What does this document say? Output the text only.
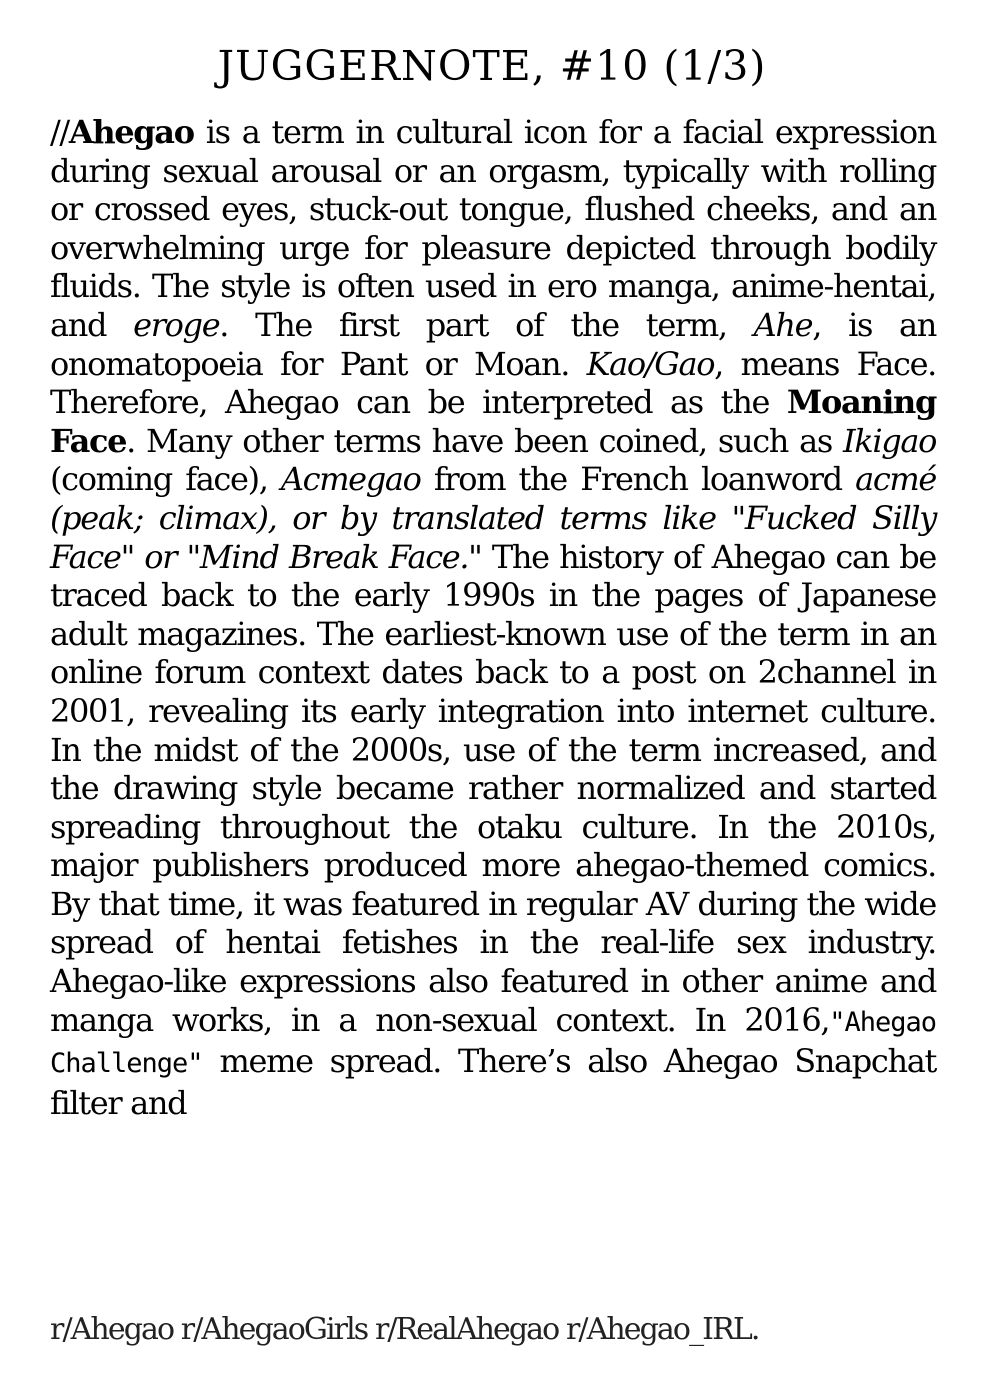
JUGGERNOTE, #10 (1/3)

//Ahegao is a term in cultural icon for a facial expression during sexual arousal or an orgasm, typically with rolling or crossed eyes, stuck-out tongue, flushed cheeks, and an overwhelming urge for pleasure depicted through bodily fluids. The style is often used in ero manga, anime-hentai, and eroge. The first part of the term, Ahe, is an onomatopoeia for Pant or Moan. Kao/Gao, means Face. Therefore, Ahegao can be interpreted as the Moaning Face. Many other terms have been coined, such as Ikigao (coming face), Acmegao from the French loanword acmé (peak; climax), or by translated terms like "Fucked Silly Face" or "Mind Break Face." The history of Ahegao can be traced back to the early 1990s in the pages of Japanese adult magazines. The earliest-known use of the term in an online forum context dates back to a post on 2channel in 2001, revealing its early integration into internet culture. In the midst of the 2000s, use of the term increased, and the drawing style became rather normalized and started spreading throughout the otaku culture. In the 2010s, major publishers produced more ahegao-themed comics. By that time, it was featured in regular AV during the wide spread of hentai fetishes in the real-life sex industry. Ahegao-like expressions also featured in other anime and manga works, in a non-sexual context. In 2016,"Ahegao Challenge" meme spread. There’s also Ahegao Snapchat filter and

r/Ahegao r/AhegaoGirls r/RealAhegao r/Ahegao_IRL.
